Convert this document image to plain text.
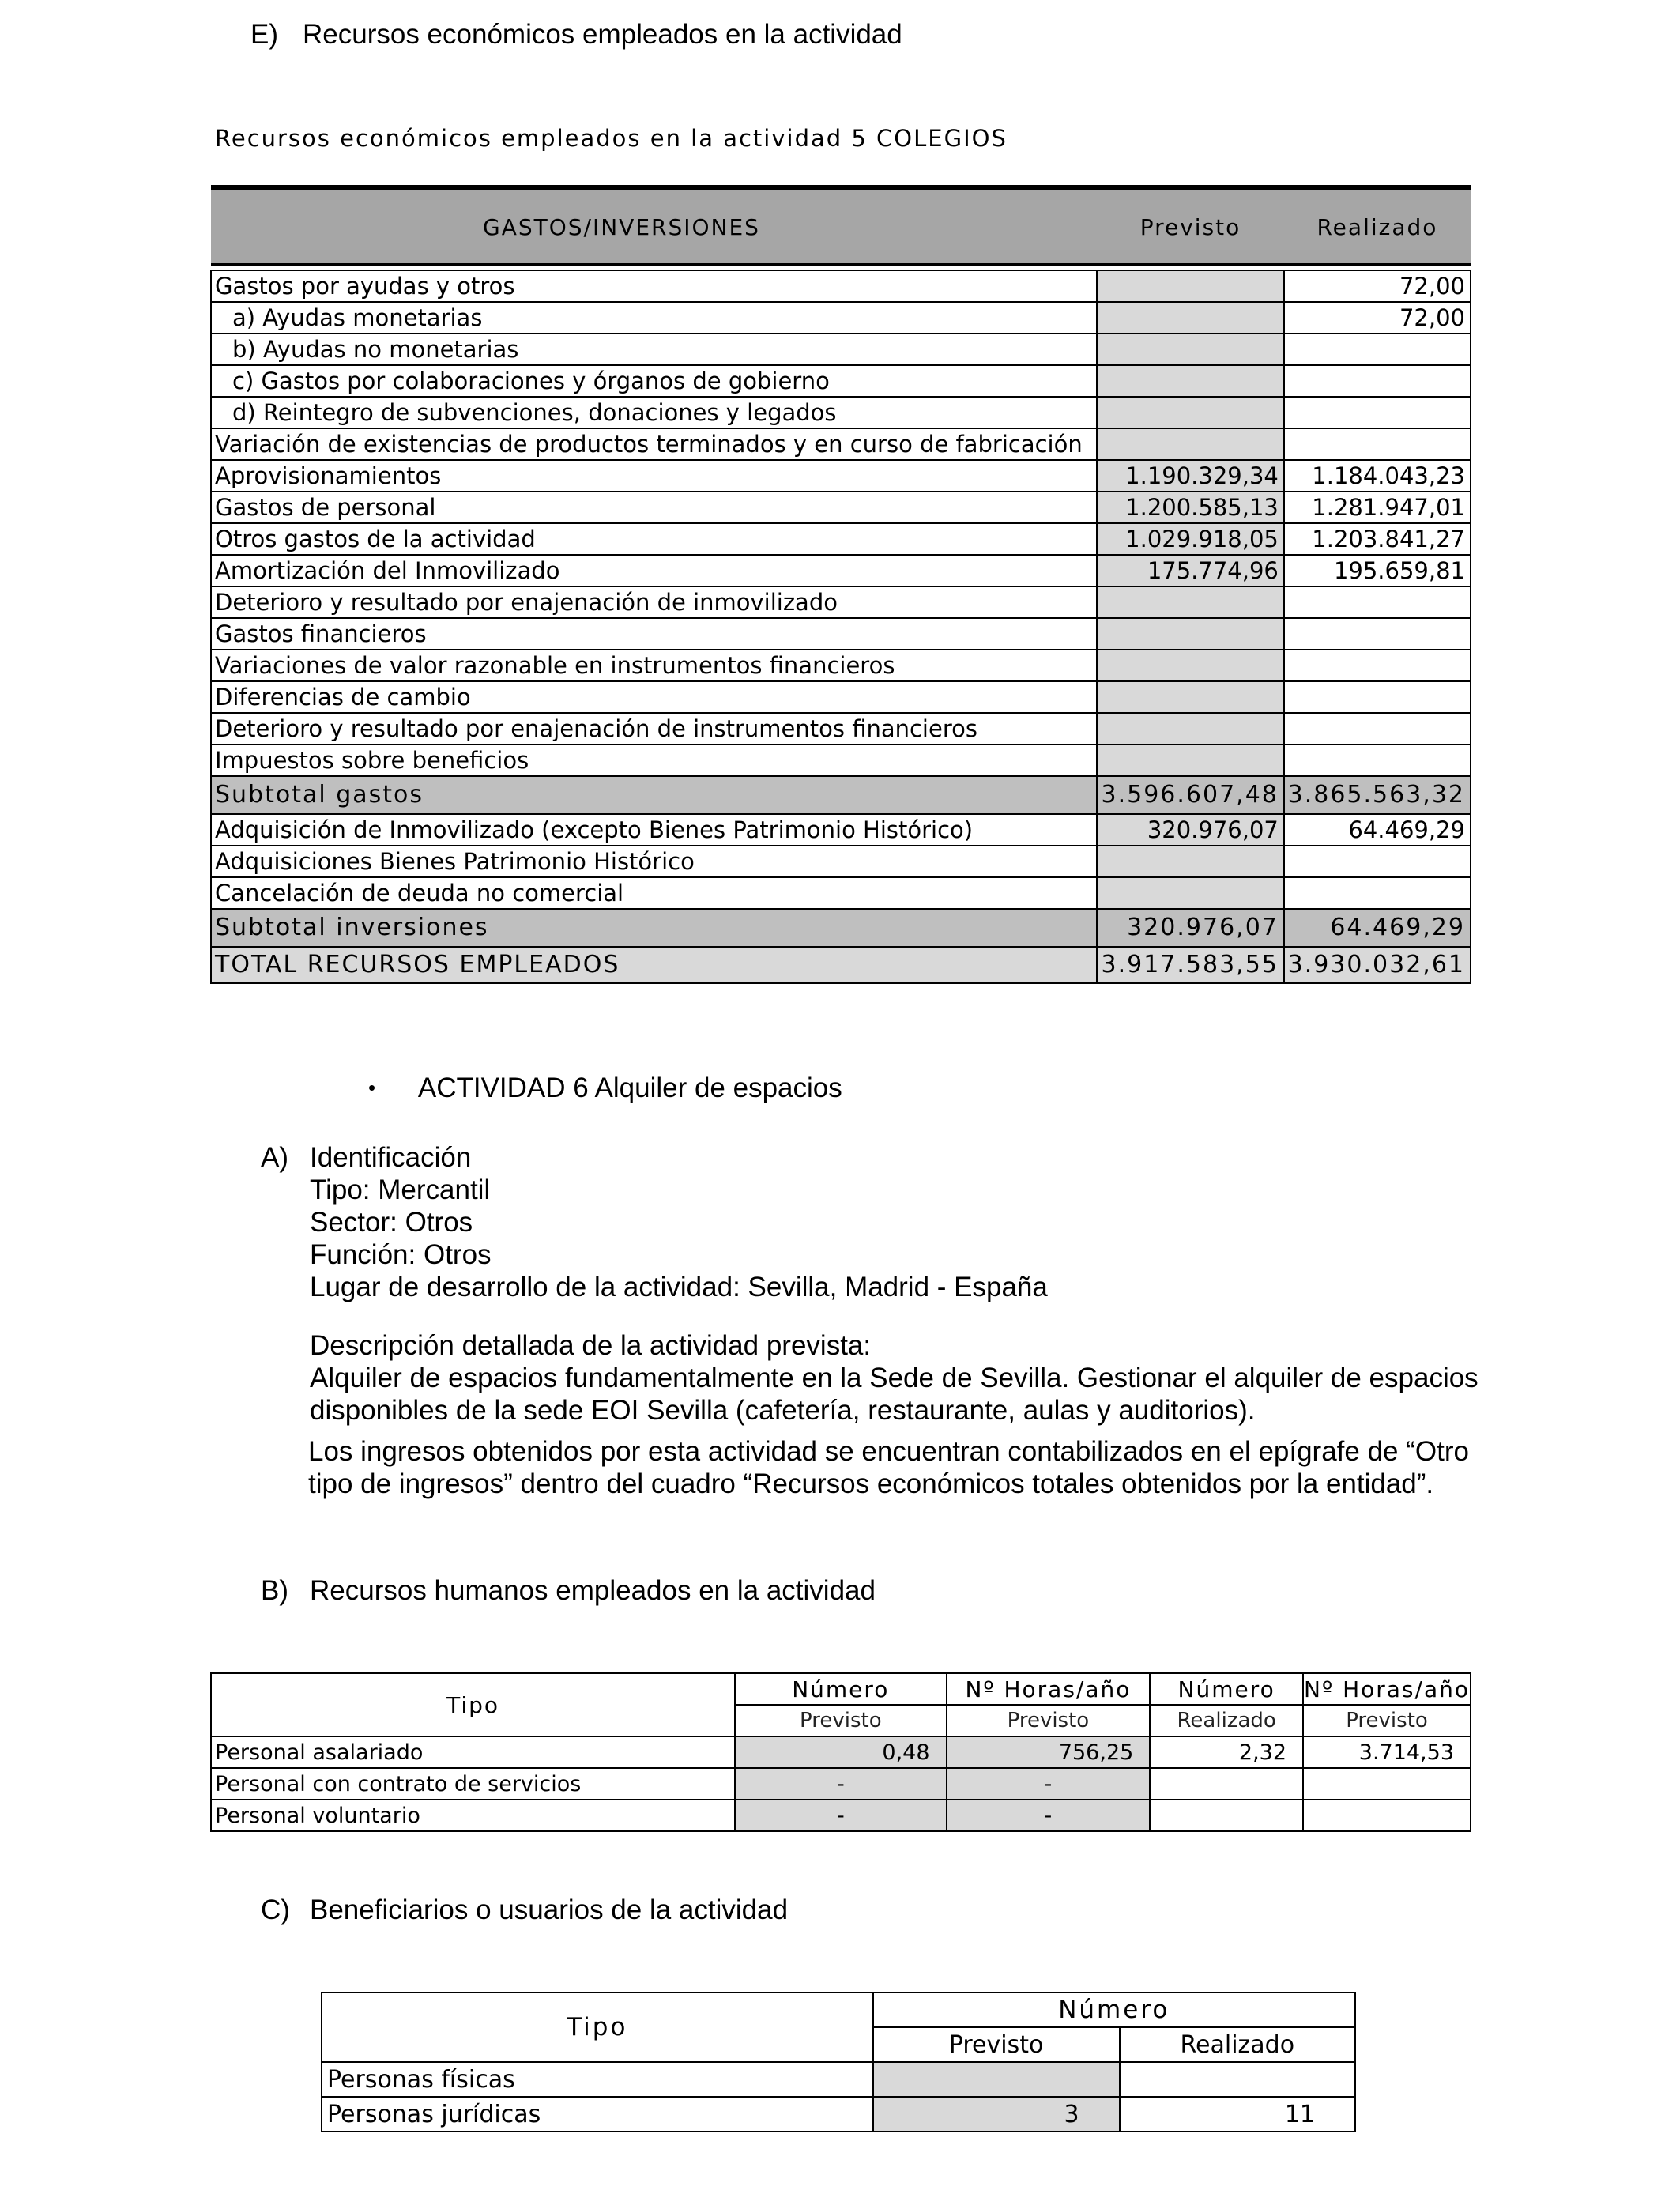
E) Recursos económicos empleados en la actividad
Recursos económicos empleados en la actividad 5 COLEGIOS
GASTOS/INVERSIONES	Previsto	Realizado

Gastos por ayudas y otros		72,00
a) Ayudas monetarias		72,00
b) Ayudas no monetarias		
c) Gastos por colaboraciones y órganos de gobierno		
d) Reintegro de subvenciones, donaciones y legados		
Variación de existencias de productos terminados y en curso de fabricación		
Aprovisionamientos	1.190.329,34	1.184.043,23
Gastos de personal	1.200.585,13	1.281.947,01
Otros gastos de la actividad	1.029.918,05	1.203.841,27
Amortización del Inmovilizado	175.774,96	195.659,81
Deterioro y resultado por enajenación de inmovilizado		
Gastos financieros		
Variaciones de valor razonable en instrumentos financieros		
Diferencias de cambio		
Deterioro y resultado por enajenación de instrumentos financieros		
Impuestos sobre beneficios		
Subtotal gastos	3.596.607,48	3.865.563,32
Adquisición de Inmovilizado (excepto Bienes Patrimonio Histórico)	320.976,07	64.469,29
Adquisiciones Bienes Patrimonio Histórico		
Cancelación de deuda no comercial		
Subtotal inversiones	320.976,07	64.469,29
TOTAL RECURSOS EMPLEADOS	3.917.583,55	3.930.032,61
• ACTIVIDAD 6 Alquiler de espacios
A) Identificación
Tipo: Mercantil
Sector: Otros
Función: Otros
Lugar de desarrollo de la actividad: Sevilla, Madrid - España
Descripción detallada de la actividad prevista:
Alquiler de espacios fundamentalmente en la Sede de Sevilla. Gestionar el alquiler de espacios
disponibles de la sede EOI Sevilla (cafetería, restaurante, aulas y auditorios).
Los ingresos obtenidos por esta actividad se encuentran contabilizados en el epígrafe de “Otro
tipo de ingresos” dentro del cuadro “Recursos económicos totales obtenidos por la entidad”.
B) Recursos humanos empleados en la actividad
Tipo	Número	Nº Horas/año	Número	Nº Horas/año
	Previsto	Previsto	Realizado	Previsto
Personal asalariado	0,48	756,25	2,32	3.714,53
Personal con contrato de servicios	-	-		
Personal voluntario	-	-		
C) Beneficiarios o usuarios de la actividad
Tipo	Número	
	Previsto	Realizado
Personas físicas		
Personas jurídicas	3	11
